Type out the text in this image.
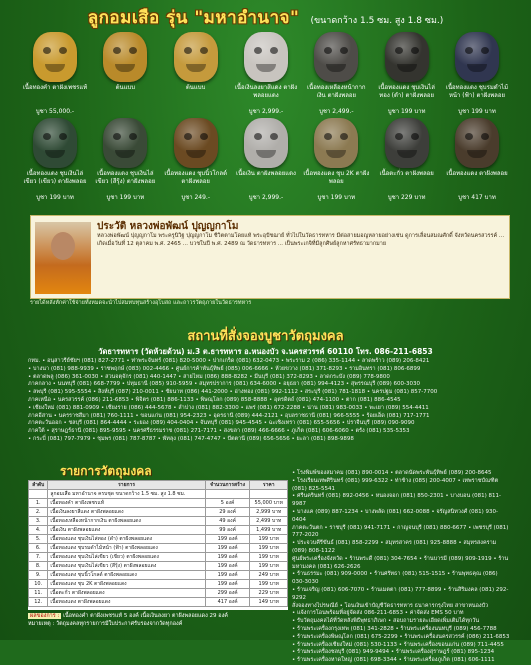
ลูกอมเสือ รุ่น "มหาอำนาจ" (ขนาดกว้าง 1.5 ซม. สูง 1.8 ซม.)
เนื้อทองคำ ตาฝังเพชรแท้
บูชา 55,000.-
ต้นแบบ	ต้นแบบ	เนื้อเงินลงยาสีแดง ตาฝังพลอยแดง
บูชา 2,999.-
เนื้อทองเหลืองหน้ากากเงิน ตาฝังพลอย
บูชา 2,499.-
เนื้อทองแดง ชุบเงินไล่ทอง (ดำ) ตาฝังพลอย
บูชา 199 บาท
เนื้อทองแดง ชุบรมดำไม้หน้า (ฟ้า) ตาฝังพลอย
บูชา 199 บาท
เนื้อทองแดง ชุบเงินไล่เขียว (เขียว) ตาฝังพลอย
บูชา 199 บาท
เนื้อทองแดง ชุบเงินไล่เขียว (สีรุ้ง) ตาฝังพลอย
บูชา 199 บาท
เนื้อทองแดง ชุบนิ้วโกลด์ ตาฝังพลอย
บูชา 249.-
เนื้อเงิน ตาฝังพลอยแดง
บูชา 2,999.-
เนื้อทองแดง ชุบ 2K ตาฝังพลอย
บูชา 199 บาท
เนื้อตะกั่ว ตาฝังพลอย
บูชา 229 บาท
เนื้อทองแดง ตาฝังพลอย
บูชา 417 บาท
ประวัติ หลวงพ่อพัฒน์ ปุญญกาโม
หลวงพ่อพัฒน์ ปุญญกาโม พระครูนิวิฐ ปุญญกาโม ชีวิตตามโดยแท้ พระอุปัชฌาย์ ทั่วไปในวัดธารทหาร มีต่อสายมอญหลายอย่างเช่น ดูการเลื่อนสมณศักดิ์ จังหวัดนครสวรรค์ ... เกิดเมื่อวันที่ 12 ตุลาคม พ.ศ. 2465 ... บวชในปี พ.ศ. 2489 ณ วัดธารทหาร ... เป็นพระเกจิที่มีลูกศิษย์ลูกหาศรัทธามากมาย
รายได้หลังหักค่าใช้จ่ายทั้งหมดจะนำไปสมทบทุนสร้างอุโบสถ และถาวรวัตถุภายในวัดธารทหาร
สถานที่สั่งจองบูชาวัตถุมงคล
วัดธารทหาร (วัดห้วยด้วน) ม.3 ต.ธารทหาร อ.หนองบัว จ.นครสวรรค์ 60110 โทร. 086-211-6853
กทม. • อนุสาวรีย์ชัยฯ (081) 827-2771 • ท่าพระจันทร์ (081) 820-5000 • ปากเกร็ด (081) 632-0473 • พระราม 2 (086) 335-1144 • ลาดพร้าว (089) 206-8421
• บางนา (081) 988-9939 • ราชพฤกษ์ (083) 002-4466 • ศูนย์การค้าพันธุ์ทิพย์ (085) 006-6666 • ห้วยขวาง (081) 371-8293 • รามอินทรา (081) 806-6899
• ตลาดพลู (086) 361-0030 • สวนจตุจักร (081) 440-1447 • สายไหม (086) 888-8282 • มีนบุรี (081) 372-8293 • ลาดกระบัง (089) 778-9800
ภาคกลาง • นนทบุรี (081) 668-7799 • ปทุมธานี (085) 910-5959 • สมุทรปราการ (081) 634-6000 • อยุธยา (081) 994-4123 • สุพรรณบุรี (089) 600-3030
• ลพบุรี (081) 595-5554 • สิงห์บุรี (087) 210-0011 • ชัยนาท (086) 441-2000 • อ่างทอง (081) 992-1112 • สระบุรี (081) 781-1818 • นครปฐม (081) 857-7700
ภาคเหนือ • นครสวรรค์ (086) 211-6853 • พิจิตร (081) 886-1133 • พิษณุโลก (089) 858-8888 • อุตรดิตถ์ (081) 474-1100 • ตาก (081) 886-4545
• เชียงใหม่ (081) 881-0909 • เชียงราย (086) 444-5678 • ลำปาง (081) 882-3300 • แพร่ (081) 672-2288 • น่าน (081) 983-0033 • พะเยา (089) 554-4411
ภาคอีสาน • นครราชสีมา (081) 760-1111 • ขอนแก่น (081) 954-2323 • อุดรธานี (089) 444-2121 • อุบลราชธานี (081) 966-5555 • ร้อยเอ็ด (081) 717-1771
ภาคตะวันออก • ชลบุรี (081) 864-4444 • ระยอง (089) 404-0404 • จันทบุรี (081) 945-4545 • ฉะเชิงเทรา (081) 655-5656 • ปราจีนบุรี (089) 090-9090
ภาคใต้ • สุราษฎร์ธานี (081) 895-9595 • นครศรีธรรมราช (081) 271-7171 • สงขลา (089) 466-6666 • ภูเก็ต (081) 606-6060 • ตรัง (081) 535-5353
• กระบี่ (081) 797-7979 • ชุมพร (081) 787-8787 • พัทลุง (081) 747-4747 • ปัตตานี (089) 656-5656 • ยะลา (081) 898-9898
รายการวัตถุมงคล
ลำดับ	รายการ	จำนวนการสร้าง	ราคา
	ลูกอมเสือ มหาอำนาจ ครบชุด ขนาดกว้าง 1.5 ซม. สูง 1.8 ซม.		
1.	เนื้อทองคำ ตาฝังเพชรแท้	5 องค์	55,000 บาท
2.	เนื้อเงินลงยาสีแดง ตาฝังพลอยแดง	29 องค์	2,999 บาท
3.	เนื้อทองเหลืองหน้ากากเงิน ตาฝังพลอยแดง	49 องค์	2,499 บาท
4.	เนื้อเงิน ตาฝังพลอยแดง	99 องค์	1,499 บาท
5.	เนื้อทองแดง ชุบเงินไล่ทอง (ดำ) ตาฝังพลอยแดง	199 องค์	199 บาท
6.	เนื้อทองแดง ชุบรมดำไม้หน้า (ฟ้า) ตาฝังพลอยแดง	199 องค์	199 บาท
7.	เนื้อทองแดง ชุบเงินไล่เขียว (เขียว) ตาฝังพลอยแดง	199 องค์	199 บาท
8.	เนื้อทองแดง ชุบเงินไล่เขียว (สีรุ้ง) ตาฝังพลอยแดง	199 องค์	199 บาท
9.	เนื้อทองแดง ชุบนิ้วโกลด์ ตาฝังพลอยแดง	199 องค์	249 บาท
10.	เนื้อทองแดง ชุบ 2K ตาฝังพลอยแดง	199 องค์	199 บาท
11.	เนื้อตะกั่ว ตาฝังพลอยแดง	299 องค์	229 บาท
12.	เนื้อทองแดง ตาฝังพลอยแดง	417 องค์	149 บาท
• โรงพิมพ์ของสมาคม (081) 890-0014 • ตลาดนัดพระพันธุ์ทิพย์ (089) 200-8645
• โรงเรียนเทพศิรินทร์ (081) 999-6322 • ท่าช้าง (085) 200-4007 • เทพราชบัณฑิต (081) 825-5541
• ศรีนครินทร์ (081) 892-0456 • หนองจอก (081) 850-2301 • บางบอน (081) 811-9987
• บางแค (089) 887-1234 • บางพลัด (081) 662-0088 • จรัญสนิทวงศ์ (081) 930-0404
ภาคตะวันตก • ราชบุรี (081) 941-7171 • กาญจนบุรี (081) 880-6677 • เพชรบุรี (081) 777-2020
• ประจวบคีรีขันธ์ (081) 858-2299 • สมุทรสาคร (081) 925-8888 • สมุทรสงคราม (089) 808-1122
ศูนย์พระเครื่องจังหวัด • ร้านพระดี (081) 304-7654 • ร้านบารมี (089) 909-1919 • ร้านมหามงคล (081) 626-2626
• ร้านธรรมะ (081) 909-0000 • ร้านศรัทธา (081) 515-1515 • ร้านพุทธคุณ (086) 030-3030
• ร้านเจริญ (081) 606-7070 • ร้านเมตตา (081) 777-8899 • ร้านสิริมงคล (081) 292-9292
สั่งจองทางไปรษณีย์ • โอนเงินเข้าบัญชีวัดธารทหาร ธนาคารกรุงไทย สาขาหนองบัว
• แจ้งการโอนพร้อมที่อยู่จัดส่ง 086-211-6853 • ค่าจัดส่ง EMS 50 บาท
• รับวัตถุมงคลได้ที่วัดหลังพิธีพุทธาภิเษก • สอบถามรายละเอียดเพิ่มเติมได้ทุกวัน
• ร้านพระเครื่องกรุงเทพ (081) 341-2828 • ร้านพระเครื่องนนทบุรี (089) 456-7788
• ร้านพระเครื่องพิษณุโลก (081) 675-2299 • ร้านพระเครื่องนครสวรรค์ (086) 211-6853
• ร้านพระเครื่องเชียงใหม่ (081) 530-1133 • ร้านพระเครื่องขอนแก่น (089) 711-4455
• ร้านพระเครื่องชลบุรี (081) 949-9494 • ร้านพระเครื่องสุราษฎร์ (081) 895-1234
• ร้านพระเครื่องหาดใหญ่ (081) 698-3344 • ร้านพระเครื่องภูเก็ต (081) 606-1111
ผลของการ : เนื้อทองคำ ตาฝังเพชรแท้ 5 องค์ เนื้อเงินลงยา ตาฝังพลอยแดง 29 องค์
หมายเหตุ : วัตถุมงคลทุกรายการมีใบประกาศรับรองจากวัดทุกองค์
